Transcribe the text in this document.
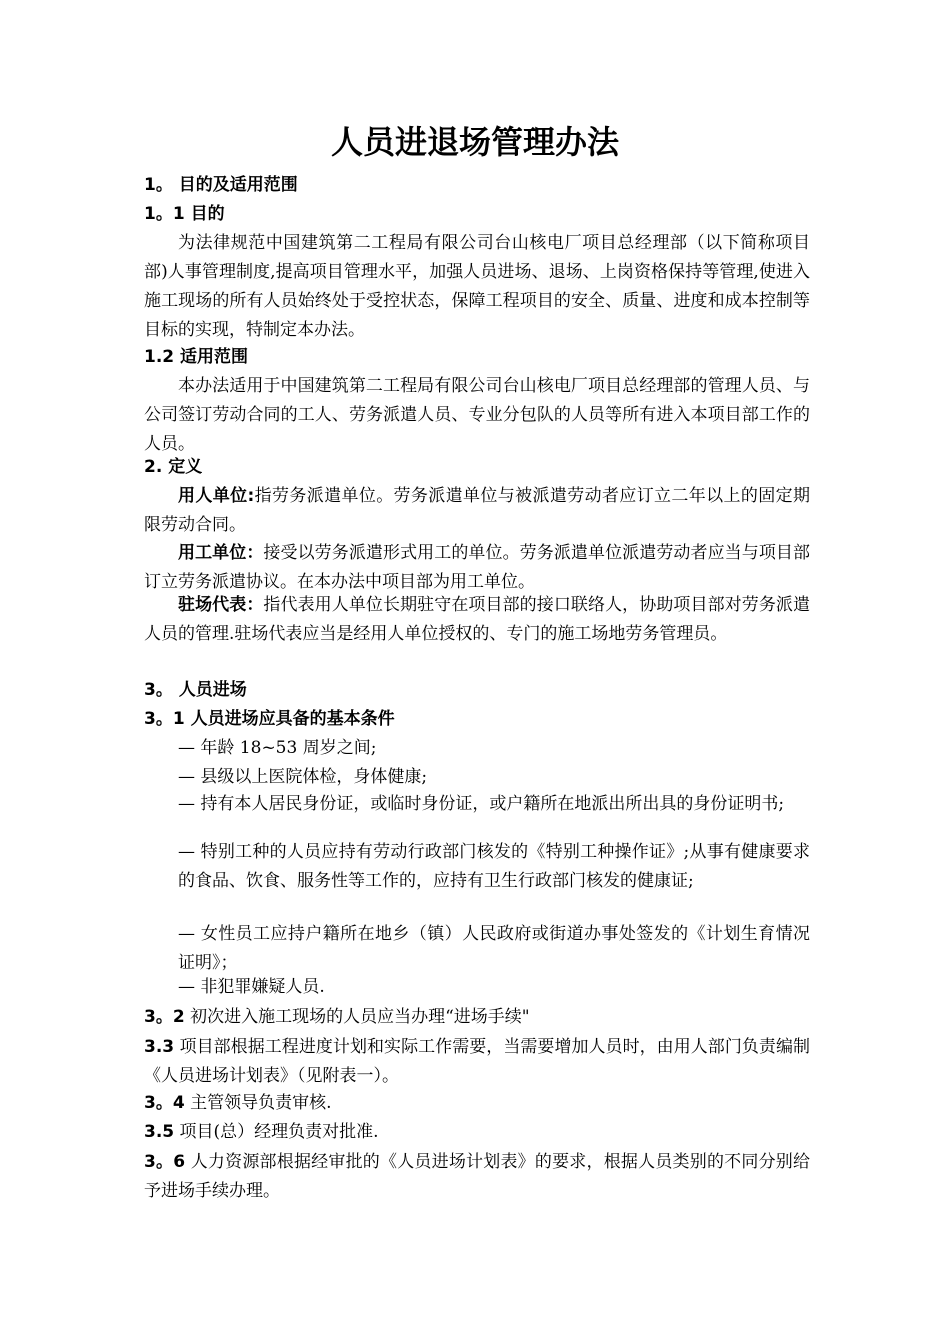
人员进退场管理办法
1。 目的及适用范围
1。1 目的
为法律规范中国建筑第二工程局有限公司台山核电厂项目总经理部（以下简称项目部)人事管理制度,提高项目管理水平，加强人员进场、退场、上岗资格保持等管理,使进入施工现场的所有人员始终处于受控状态，保障工程项目的安全、质量、进度和成本控制等目标的实现，特制定本办法。
1.2 适用范围
本办法适用于中国建筑第二工程局有限公司台山核电厂项目总经理部的管理人员、与公司签订劳动合同的工人、劳务派遣人员、专业分包队的人员等所有进入本项目部工作的人员。
2. 定义
用人单位:指劳务派遣单位。劳务派遣单位与被派遣劳动者应订立二年以上的固定期限劳动合同。
用工单位：接受以劳务派遣形式用工的单位。劳务派遣单位派遣劳动者应当与项目部订立劳务派遣协议。在本办法中项目部为用工单位。
驻场代表：指代表用人单位长期驻守在项目部的接口联络人，协助项目部对劳务派遣人员的管理.驻场代表应当是经用人单位授权的、专门的施工场地劳务管理员。
3。 人员进场
3。1 人员进场应具备的基本条件
— 年龄 18~53 周岁之间;
— 县级以上医院体检，身体健康;
— 持有本人居民身份证，或临时身份证，或户籍所在地派出所出具的身份证明书;
— 特别工种的人员应持有劳动行政部门核发的《特别工种操作证》;从事有健康要求的食品、饮食、服务性等工作的，应持有卫生行政部门核发的健康证;
— 女性员工应持户籍所在地乡（镇）人民政府或街道办事处签发的《计划生育情况证明》；
— 非犯罪嫌疑人员.
3。2 初次进入施工现场的人员应当办理“进场手续"
3.3 项目部根据工程进度计划和实际工作需要，当需要增加人员时，由用人部门负责编制《人员进场计划表》（见附表一）。
3。4 主管领导负责审核.
3.5 项目(总）经理负责对批准.
3。6 人力资源部根据经审批的《人员进场计划表》的要求，根据人员类别的不同分别给予进场手续办理。
